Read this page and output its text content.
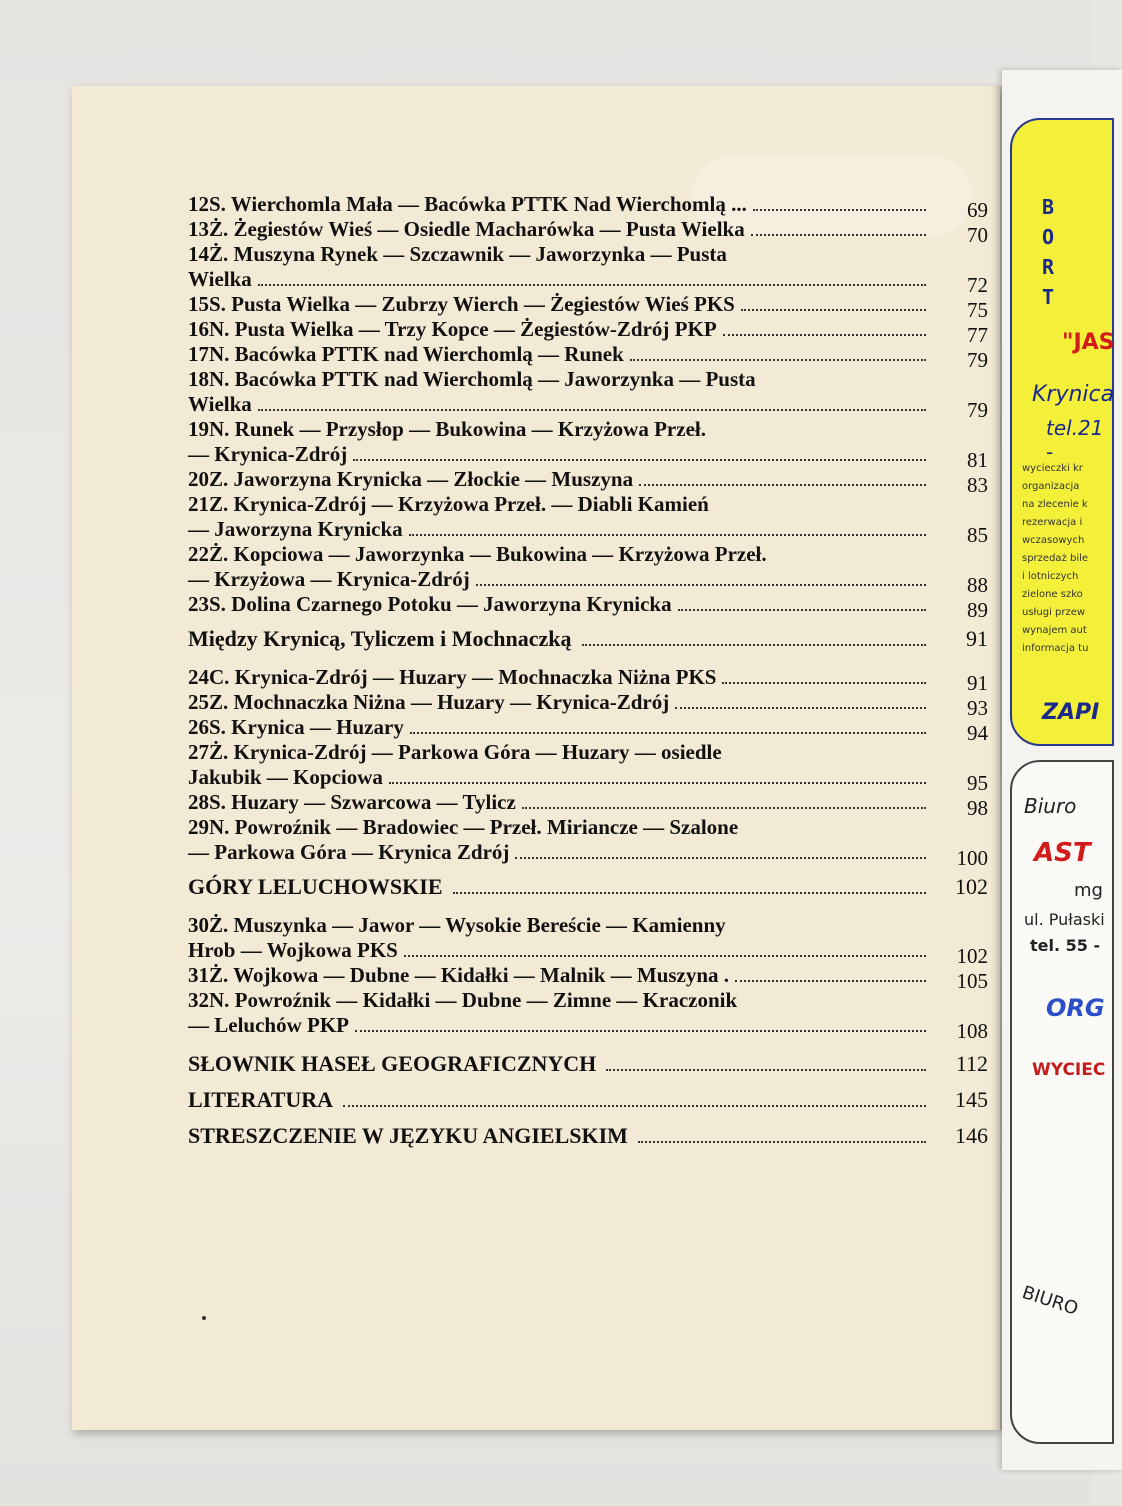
12S. Wierchomla Mała — Bacówka PTTK Nad Wierchomlą ...	69
13Ż. Żegiestów Wieś — Osiedle Macharówka — Pusta Wielka	70
14Ż. Muszyna Rynek — Szczawnik — Jaworzynka — Pusta
Wielka	72
15S. Pusta Wielka — Zubrzy Wierch — Żegiestów Wieś PKS	75
16N. Pusta Wielka — Trzy Kopce — Żegiestów-Zdrój PKP	77
17N. Bacówka PTTK nad Wierchomlą — Runek	79
18N. Bacówka PTTK nad Wierchomlą — Jaworzynka — Pusta
Wielka	79
19N. Runek — Przysłop — Bukowina — Krzyżowa Przeł.
— Krynica-Zdrój	81
20Z. Jaworzyna Krynicka — Złockie — Muszyna	83
21Z. Krynica-Zdrój — Krzyżowa Przeł. — Diabli Kamień
— Jaworzyna Krynicka	85
22Ż. Kopciowa — Jaworzynka — Bukowina — Krzyżowa Przeł.
— Krzyżowa — Krynica-Zdrój	88
23S. Dolina Czarnego Potoku — Jaworzyna Krynicka	89
Między Krynicą, Tyliczem i Mochnaczką	91
24C. Krynica-Zdrój — Huzary — Mochnaczka Niżna PKS	91
25Z. Mochnaczka Niżna — Huzary — Krynica-Zdrój	93
26S. Krynica — Huzary	94
27Ż. Krynica-Zdrój — Parkowa Góra — Huzary — osiedle
Jakubik — Kopciowa	95
28S. Huzary — Szwarcowa — Tylicz	98
29N. Powroźnik — Bradowiec — Przeł. Miriancze — Szalone
— Parkowa Góra — Krynica Zdrój	100
GÓRY LELUCHOWSKIE	102
30Ż. Muszynka — Jawor — Wysokie Bereście — Kamienny
Hrob — Wojkowa PKS	102
31Ż. Wojkowa — Dubne — Kidałki — Malnik — Muszyna .	105
32N. Powroźnik — Kidałki — Dubne — Zimne — Kraczonik
— Leluchów PKP	108
SŁOWNIK HASEŁ GEOGRAFICZNYCH	112
LITERATURA	145
STRESZCZENIE W JĘZYKU ANGIELSKIM	146
B
O
R
T
"JAS
Krynica
tel.21 -
wycieczki kr
organizacja
na zlecenie k
rezerwacja i
wczasowych
sprzedaż bile
i lotniczych
zielone szko
usługi przew
wynajem aut
informacja tu
ZAPI
Biuro
AST
mg
ul. Pułaski
tel. 55 -
ORG
WYCIEC
BIURO
